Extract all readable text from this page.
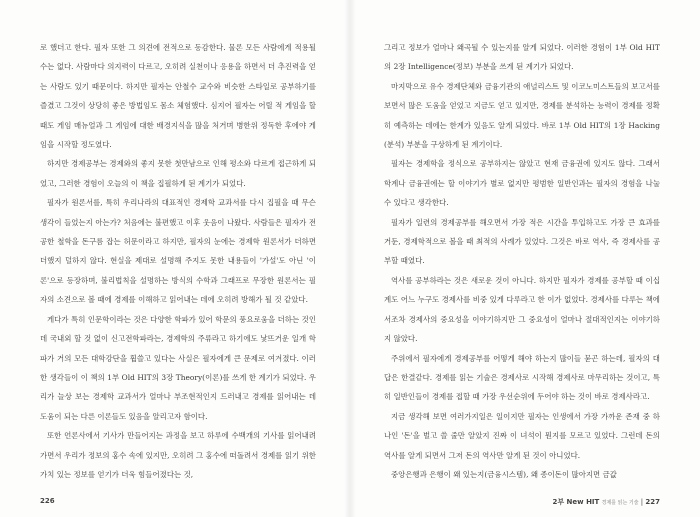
로 했더고 한다. 필자 또한 그 의견에 전적으로 동감한다. 물론 모든 사람에게 적용될 수는 없다. 사람마다 의지력이 다르고, 오히려 실천이나 응용을 하면서 더 추진력을 얻는 사람도 있기 때문이다. 하지만 필자는 안철수 교수와 비슷한 스타일로 공부하기를 즐겼고 그것이 상당히 좋은 방법임도 몸소 체험했다. 심지어 필자는 어릴 적 게임을 할 때도 게임 매뉴얼과 그 게임에 대한 배경지식을 많을 처거며 병한위 정독한 후에야 게임을 시작할 정도였다.

하지만 경제공부는 경제와의 좋지 못한 첫만남으로 인해 평소와 다르게 접근하게 되었고, 그러한 경험이 오늘의 이 책을 집필하게 된 계기가 되었다.

필자가 원론서를, 특히 우리나라의 대표적인 경제학 교과서를 다시 집필을 때 무슨 생각이 들었는지 아는가? 처음에는 불편했고 이후 웃음이 나왔다. 사람들은 필자가 전공한 철학을 돈구름 잡는 허문이라고 하지만, 필자의 눈에는 경제학 원론서가 더하면 더했지 덜하지 않다. 현실을 제대로 설명해 주지도 못한 내용들이 '가설'도 아닌 '이론'으로 등장하며, 불리법칙을 설명하는 방식의 수학과 그래프로 무장한 원론서는 필자의 소견으로 볼 때에 경제를 이해하고 읽어내는 데에 오히려 방해가 될 것 같았다.

게다가 특히 인문학이라는 것은 다양한 학파가 있어 학문의 풍요로움을 더하는 것인데 국내외 할 것 없이 신고전학파라는, 경제학의 주류라고 하기에도 낯뜨거운 일개 학파가 거의 모든 대학강단을 휩쓸고 있다는 사실은 필자에게 큰 문제로 여겨졌다. 이러한 생각들이 이 책의 1부 Old HIT의 3장 Theory(이론)를 쓰게 한 계기가 되었다. 우리가 늘상 보는 경제학 교과서가 얼마나 부조현적인지 드러내고 경제를 읽어내는 데 도움이 되는 다른 이론들도 있음을 알리고자 함이다.

또한 언론사에서 기사가 만들어지는 과정을 보고 하루에 수백개의 기사를 읽어내려가면서 우리가 정보의 홍수 속에 있지만, 오히려 그 홍수에 떠돌려서 경제를 읽기 위한 가치 있는 정보를 얻기가 더욱 힘들어졌다는 것,

그리고 정보가 얼마나 왜곡될 수 있는지를 알게 되었다. 이러한 경험이 1부 Old HIT의 2장 Intelligence(정보) 부분을 쓰게 된 계기가 되었다.

마지막으로 유수 경제단체와 금융기관의 애널리스트 및 이코노미스트들의 보고서를 보면서 많은 도움을 얻었고 지금도 얻고 있지만, 경제를 분석하는 능력이 경제를 정확히 예측하는 데에는 한계가 있음도 알게 되었다. 바로 1부 Old HIT의 1장 Hacking(분석) 부분을 구상하게 된 계기이다.

필자는 경제학을 정식으로 공부하지는 않았고 현재 금융권에 있지도 않다. 그래서 학계나 금융권에는 할 이야기가 별로 없지만 평범한 일반인과는 필자의 경험을 나눌 수 있다고 생각한다.

필자가 일련의 경제공부를 해오면서 가장 적은 시간을 투입하고도 가장 큰 효과를 거둔, 경제학적으로 볼을 때 최적의 사례가 있었다. 그것은 바로 역사, 즉 경제사를 공부할 때였다.

역사를 공부하라는 것은 새로운 것이 아니다. 하지만 필자가 경제를 공부할 때 이십계도 어느 누구도 경제사를 비중 있게 다루라고 한 이가 없었다. 경제사를 다루는 책에서조차 경제사의 중요성을 이야기하지만 그 중요성이 얼마나 절대적인지는 이야기하지 않았다.

주위에서 필자에게 경제공부를 어떻게 해야 하는지 많이들 묻곤 하는데, 필자의 대답은 한결같다. 경제를 읽는 기술은 경제사로 시작해 경제사로 마무리하는 것이고, 특히 일반인들이 경제를 접할 때 가장 우선순위에 두어야 하는 것이 바로 경제사라고.

지금 생각해 보면 여러가지일은 일이지만 필자는 인생에서 가장 가까운 존재 중 하나인 '돈'을 벌고 쓸 줄만 알았지 진짜 이 녀석이 뭔지를 모르고 있었다. 그런데 돈의 역사를 알게 되면서 그저 돈의 역사만 알게 된 것이 아니었다.

중앙은행과 은행이 왜 있는지(금융시스템), 왜 종이돈이 많아지면 금값

226	2부 New HIT 경제를 읽는 기술 | 227
